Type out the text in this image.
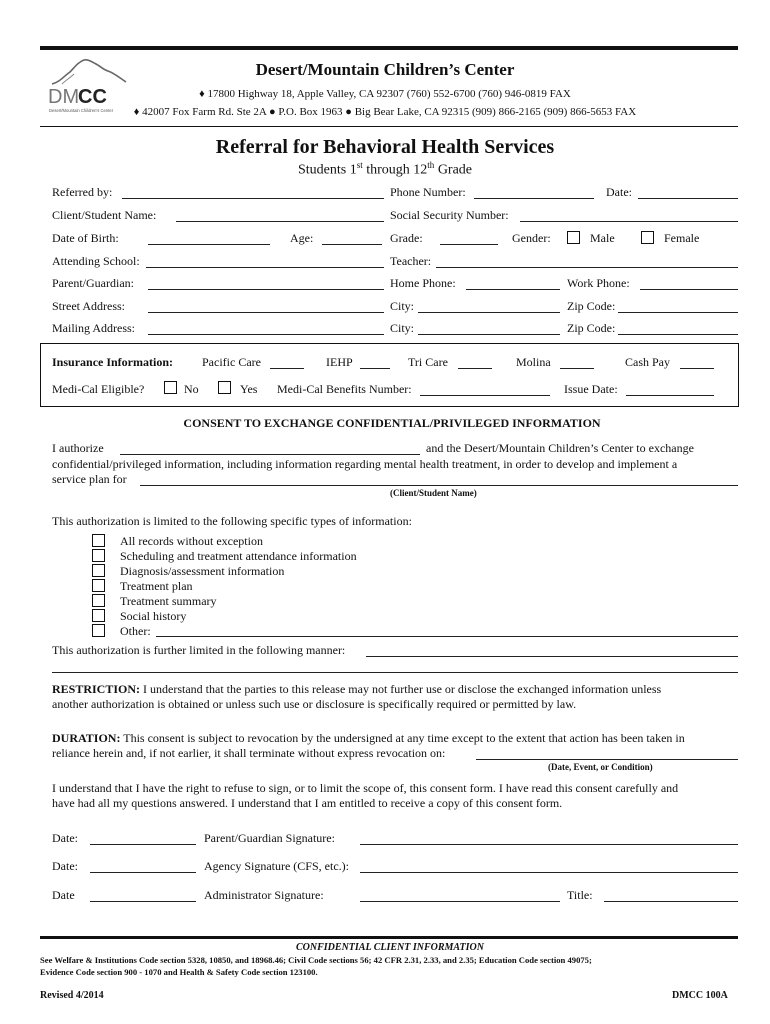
DM
CC
Desert/Mountain Children's Center
Desert/Mountain Children’s Center
♦ 17800 Highway 18, Apple Valley, CA 92307 (760) 552-6700 (760) 946-0819 FAX
♦ 42007 Fox Farm Rd. Ste 2A ● P.O. Box 1963 ● Big Bear Lake, CA 92315 (909) 866-2165 (909) 866-5653 FAX
Referral for Behavioral Health Services
Students 1st through 12th Grade
Referred by:	Phone Number:	Date:
Client/Student Name:	Social Security Number:
Date of Birth:	Age:	Grade:	Gender:	Male	Female
Attending School:	Teacher:
Parent/Guardian:	Home Phone:	Work Phone:
Street Address:	City:	Zip Code:
Mailing Address:	City:	Zip Code:
Insurance Information: Pacific Care	IEHP	Tri Care	Molina	Cash Pay
Medi-Cal Eligible?	No	Yes Medi-Cal Benefits Number:	Issue Date:
CONSENT TO EXCHANGE CONFIDENTIAL/PRIVILEGED INFORMATION
I authorize	and the Desert/Mountain Children’s Center to exchange
confidential/privileged information, including information regarding mental health treatment, in order to develop and implement a
service plan for
(Client/Student Name)
This authorization is limited to the following specific types of information:
All records without exception
Scheduling and treatment attendance information
Diagnosis/assessment information
Treatment plan
Treatment summary
Social history
Other:
This authorization is further limited in the following manner:
RESTRICTION: I understand that the parties to this release may not further use or disclose the exchanged information unless
another authorization is obtained or unless such use or disclosure is specifically required or permitted by law.
DURATION: This consent is subject to revocation by the undersigned at any time except to the extent that action has been taken in
reliance herein and, if not earlier, it shall terminate without express revocation on:
(Date, Event, or Condition)
I understand that I have the right to refuse to sign, or to limit the scope of, this consent form. I have read this consent carefully and
have had all my questions answered. I understand that I am entitled to receive a copy of this consent form.
Date:	Parent/Guardian Signature:
Date:	Agency Signature (CFS, etc.):
Date	Administrator Signature:	Title:
CONFIDENTIAL CLIENT INFORMATION
See Welfare & Institutions Code section 5328, 10850, and 18968.46; Civil Code sections 56; 42 CFR 2.31, 2.33, and 2.35; Education Code section 49075;
Evidence Code section 900 - 1070 and Health & Safety Code section 123100.
Revised 4/2014	DMCC 100A
